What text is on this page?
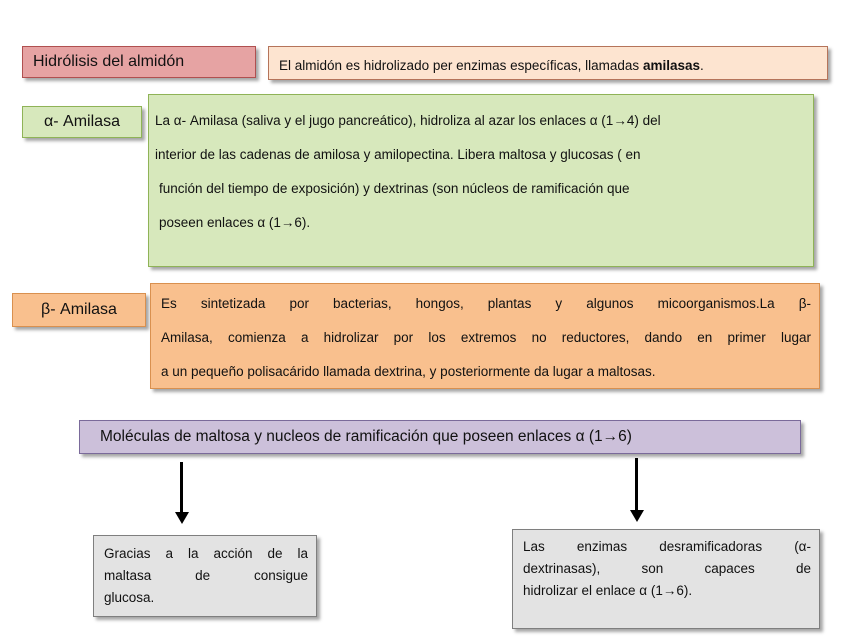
Hidrólisis del almidón	El almidón es hidrolizado per enzimas específicas, llamadas amilasas.
α- Amilasa	La α- Amilasa (saliva y el jugo pancreático), hidroliza al azar los enlaces α (1→4) del

interior de las cadenas de amilosa y amilopectina. Libera maltosa y glucosas ( en

función del tiempo de exposición) y dextrinas (son núcleos de ramificación que

poseen enlaces α (1→6).

β- Amilasa	Es sintetizada por bacterias, hongos, plantas y algunos micoorganismos.La β-

Amilasa, comienza a hidrolizar por los extremos no reductores, dando en primer lugar

a un pequeño polisacárido llamada dextrina, y posteriormente da lugar a maltosas.

Moléculas de maltosa y nucleos de ramificación que poseen enlaces α (1→6)

Gracias a la acción de la

maltasa de consigue

glucosa.

Las enzimas desramificadoras (α-

dextrinasas), son capaces de

hidrolizar el enlace α (1→6).
